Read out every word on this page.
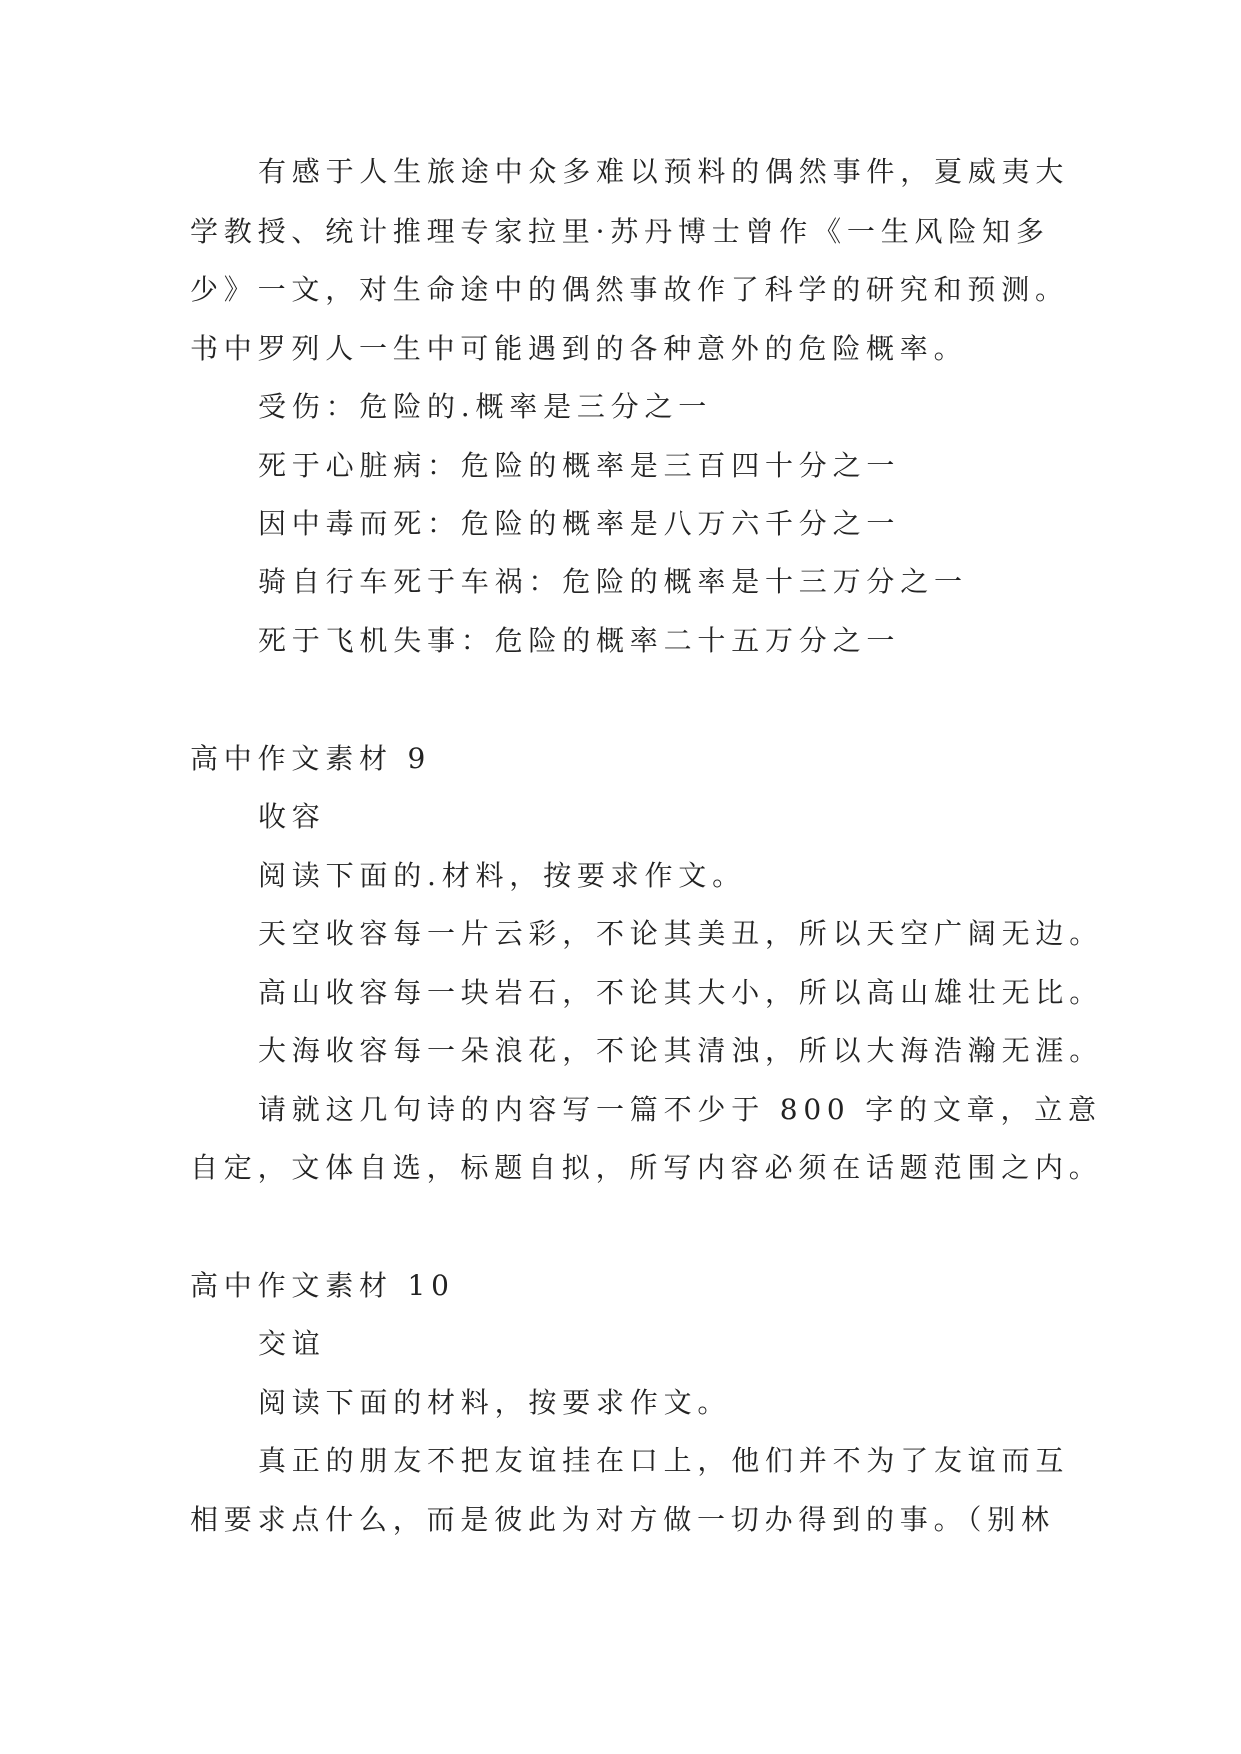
有感于人生旅途中众多难以预料的偶然事件，夏威夷大
学教授、统计推理专家拉里·苏丹博士曾作《一生风险知多
少》一文，对生命途中的偶然事故作了科学的研究和预测。
书中罗列人一生中可能遇到的各种意外的危险概率。
受伤：危险的.概率是三分之一
死于心脏病：危险的概率是三百四十分之一
因中毒而死：危险的概率是八万六千分之一
骑自行车死于车祸：危险的概率是十三万分之一
死于飞机失事：危险的概率二十五万分之一
高中作文素材 9
收容
阅读下面的.材料，按要求作文。
天空收容每一片云彩，不论其美丑，所以天空广阔无边。
高山收容每一块岩石，不论其大小，所以高山雄壮无比。
大海收容每一朵浪花，不论其清浊，所以大海浩瀚无涯。
请就这几句诗的内容写一篇不少于 800 字的文章，立意
自定，文体自选，标题自拟，所写内容必须在话题范围之内。
高中作文素材 10
交谊
阅读下面的材料，按要求作文。
真正的朋友不把友谊挂在口上，他们并不为了友谊而互
相要求点什么，而是彼此为对方做一切办得到的事。（别林
